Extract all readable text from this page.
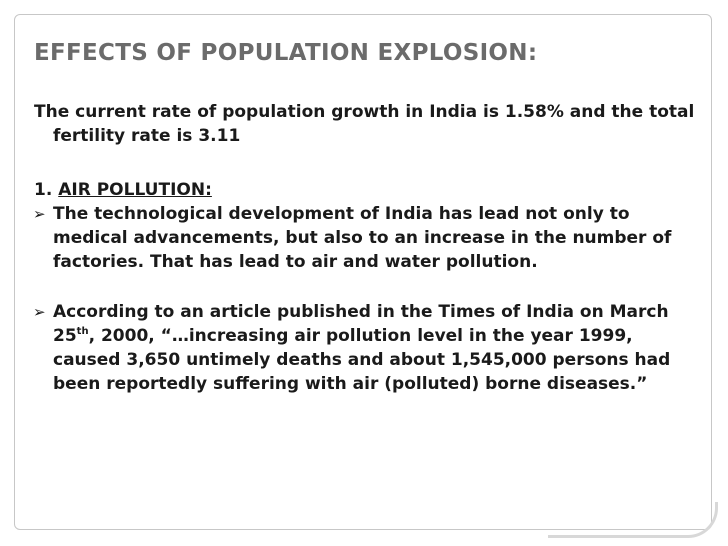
EFFECTS OF POPULATION EXPLOSION:

The current rate of population growth in India is 1.58% and the total fertility rate is 3.11

1. AIR POLLUTION:

➢ The technological development of India has lead not only to medical advancements, but also to an increase in the number of factories. That has lead to air and water pollution.
➢ According to an article published in the Times of India on March 25th, 2000, “…increasing air pollution level in the year 1999, caused 3,650 untimely deaths and about 1,545,000 persons had been reportedly suffering with air (polluted) borne diseases.”
